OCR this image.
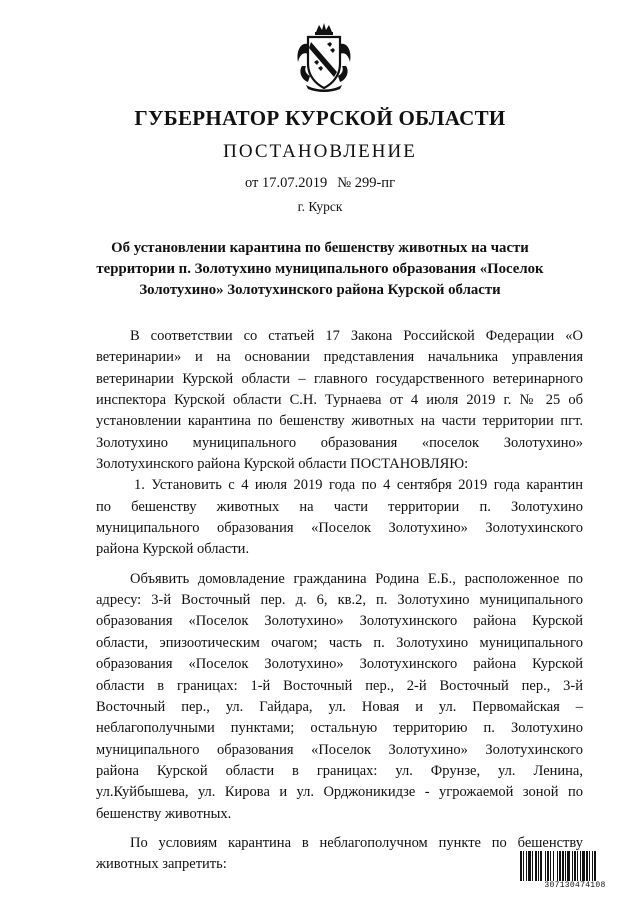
ГУБЕРНАТОР КУРСКОЙ ОБЛАСТИ
ПОСТАНОВЛЕНИЕ
от 17.07.2019 № 299-пг
г. Курск
Об установлении карантина по бешенству животных на части
территории п. Золотухино муниципального образования «Поселок
Золотухино» Золотухинского района Курской области
В соответствии со статьей 17 Закона Российской Федерации «О
ветеринарии» и на основании представления начальника управления
ветеринарии Курской области – главного государственного ветеринарного
инспектора Курской области С.Н. Турнаева от 4 июля 2019 г. № 25 об
установлении карантина по бешенству животных на части территории пгт.
Золотухино муниципального образования «поселок Золотухино»
Золотухинского района Курской области ПОСТАНОВЛЯЮ:
1. Установить с 4 июля 2019 года по 4 сентября 2019 года карантин
по бешенству животных на части территории п. Золотухино
муниципального образования «Поселок Золотухино» Золотухинского
района Курской области.
Объявить домовладение гражданина Родина Е.Б., расположенное по
адресу: 3-й Восточный пер. д. 6, кв.2, п. Золотухино муниципального
образования «Поселок Золотухино» Золотухинского района Курской
области, эпизоотическим очагом; часть п. Золотухино муниципального
образования «Поселок Золотухино» Золотухинского района Курской
области в границах: 1-й Восточный пер., 2-й Восточный пер., 3-й
Восточный пер., ул. Гайдара, ул. Новая и ул. Первомайская –
неблагополучными пунктами; остальную территорию п. Золотухино
муниципального образования «Поселок Золотухино» Золотухинского
района Курской области в границах: ул. Фрунзе, ул. Ленина,
ул.Куйбышева, ул. Кирова и ул. Орджоникидзе - угрожаемой зоной по
бешенству животных.
По условиям карантина в неблагополучном пункте по бешенству
животных запретить:
307130474108
